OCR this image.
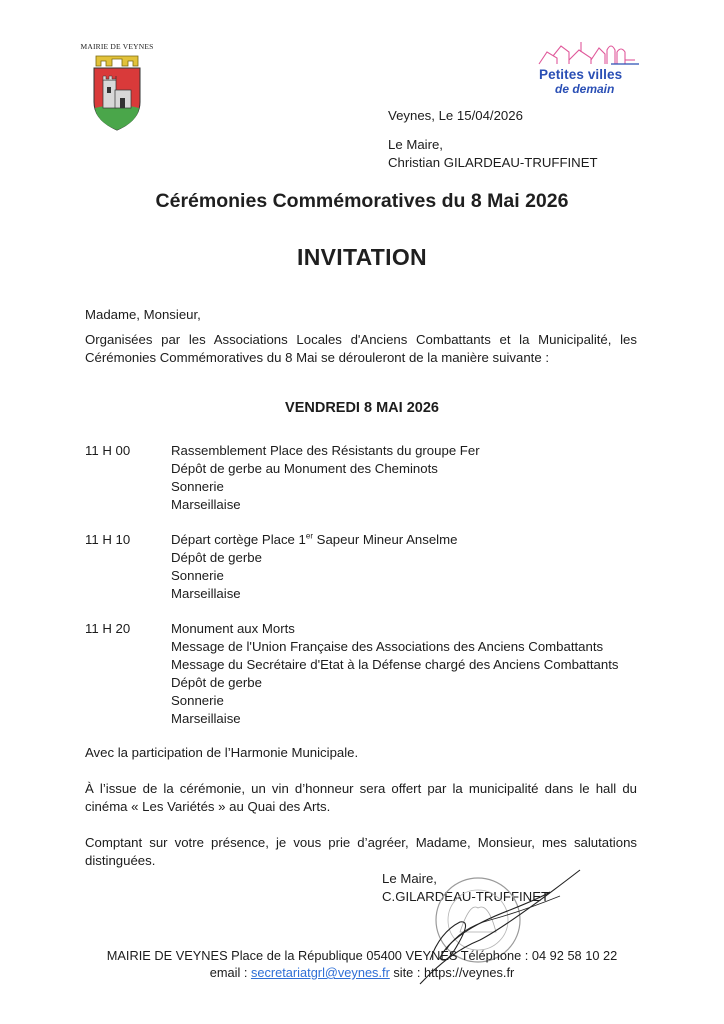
MAIRIE DE VEYNES
Petites villes
de demain
Veynes, Le 15/04/2026
Le Maire,
Christian GILARDEAU-TRUFFINET
Cérémonies Commémoratives du 8 Mai 2026
INVITATION
Madame, Monsieur,
Organisées par les Associations Locales d'Anciens Combattants et la Municipalité, les Cérémonies Commémoratives du 8 Mai se dérouleront de la manière suivante :
VENDREDI 8 MAI 2026
11 H 00	Rassemblement Place des Résistants du groupe Fer
Dépôt de gerbe au Monument des Cheminots
Sonnerie
Marseillaise
11 H 10	Départ cortège Place 1er Sapeur Mineur Anselme
Dépôt de gerbe
Sonnerie
Marseillaise
11 H 20	Monument aux Morts
Message de l'Union Française des Associations des Anciens Combattants
Message du Secrétaire d'Etat à la Défense chargé des Anciens Combattants
Dépôt de gerbe
Sonnerie
Marseillaise
Avec la participation de l’Harmonie Municipale.
À l’issue de la cérémonie, un vin d’honneur sera offert par la municipalité dans le hall du cinéma « Les Variétés » au Quai des Arts.
Comptant sur votre présence, je vous prie d’agréer, Madame, Monsieur, mes salutations distinguées.
Le Maire,
C.GILARDEAU-TRUFFINET
MAIRIE DE VEYNES Place de la République 05400 VEYNES Téléphone : 04 92 58 10 22
email : secretariatgrl@veynes.fr site : https://veynes.fr
